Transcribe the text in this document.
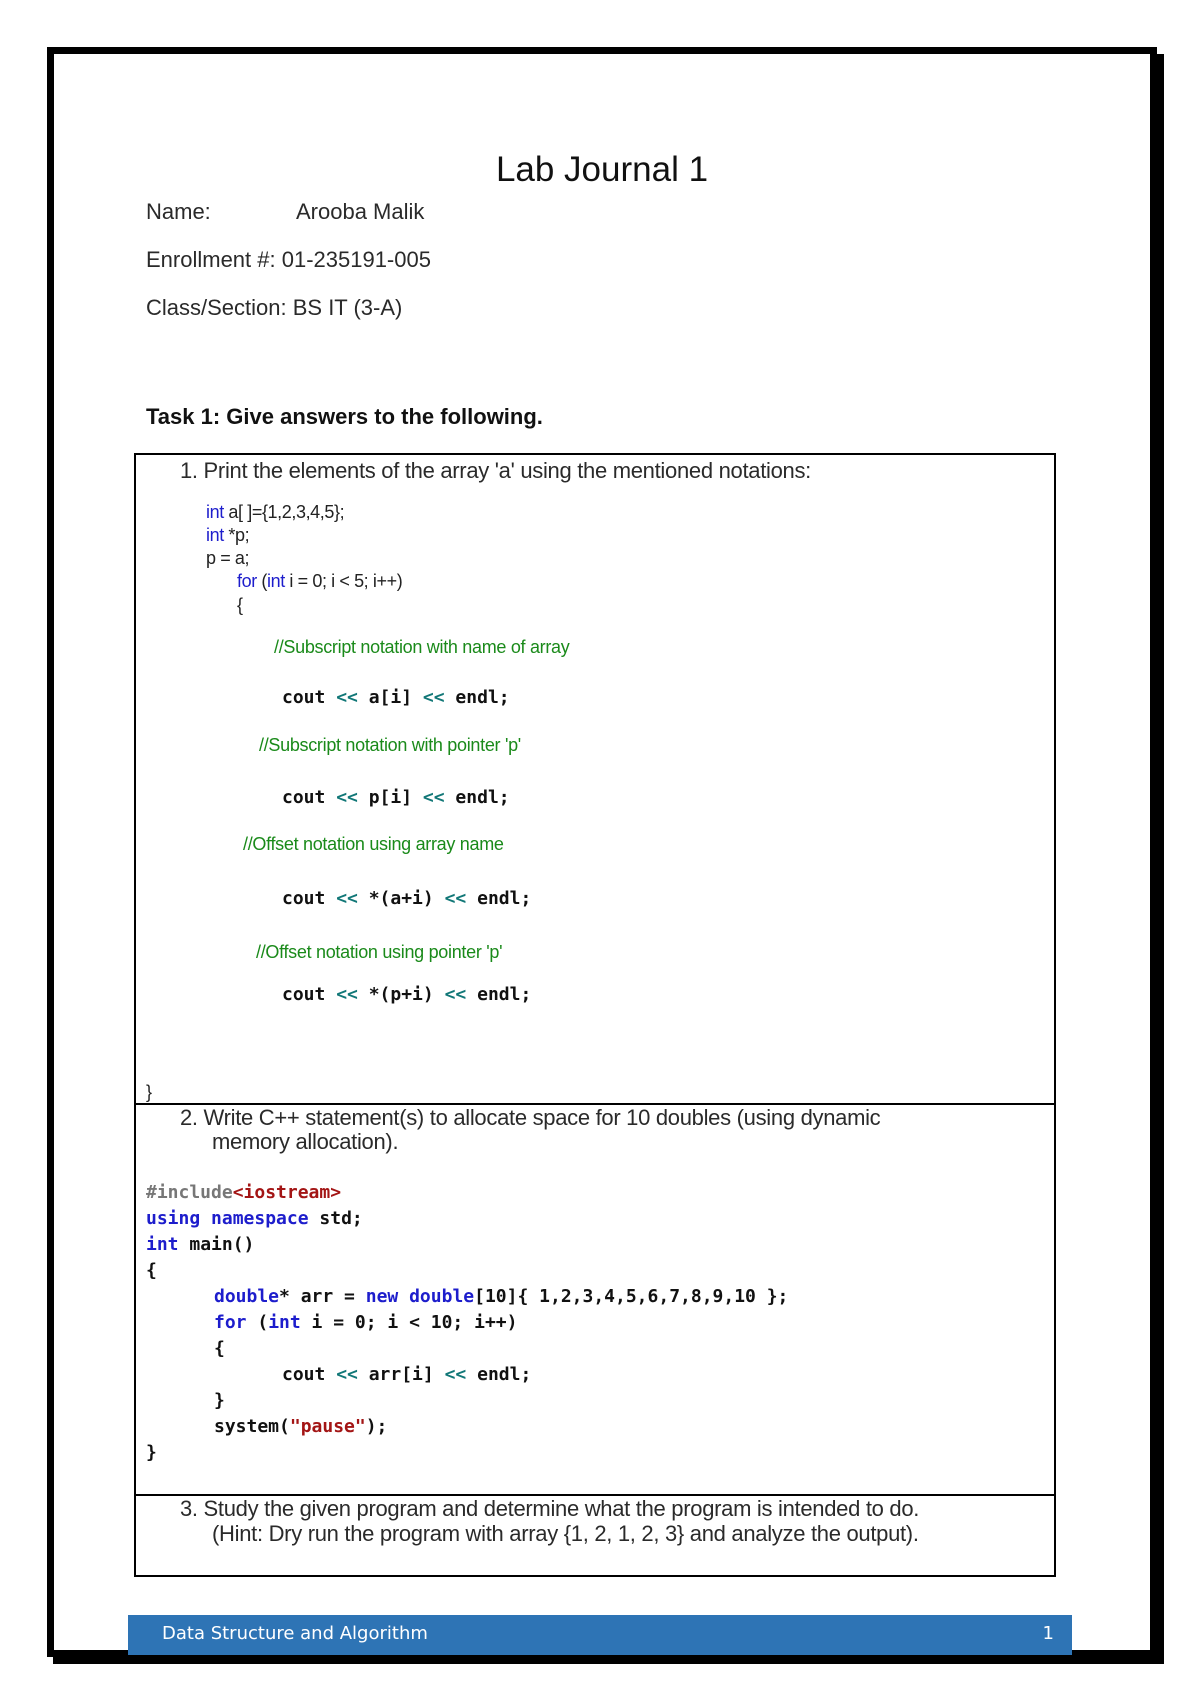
Lab Journal 1
Name:	Arooba Malik
Enrollment #: 01-235191-005
Class/Section: BS IT (3-A)
Task 1: Give answers to the following.
1. Print the elements of the array 'a' using the mentioned notations:
int a[ ]={1,2,3,4,5};
int *p;
p = a;
for (int i = 0; i < 5; i++)
{
//Subscript notation with name of array
cout << a[i] << endl;
//Subscript notation with pointer 'p'
cout << p[i] << endl;
//Offset notation using array name
cout << *(a+i) << endl;
//Offset notation using pointer 'p'
cout << *(p+i) << endl;
}
2. Write C++ statement(s) to allocate space for 10 doubles (using dynamic
memory allocation).
#include<iostream>
using namespace std;
int main()
{
double* arr = new double[10]{ 1,2,3,4,5,6,7,8,9,10 };
for (int i = 0; i < 10; i++)
{
cout << arr[i] << endl;
}
system("pause");
}
3. Study the given program and determine what the program is intended to do.
(Hint: Dry run the program with array {1, 2, 1, 2, 3} and analyze the output).
Data Structure and Algorithm	1
